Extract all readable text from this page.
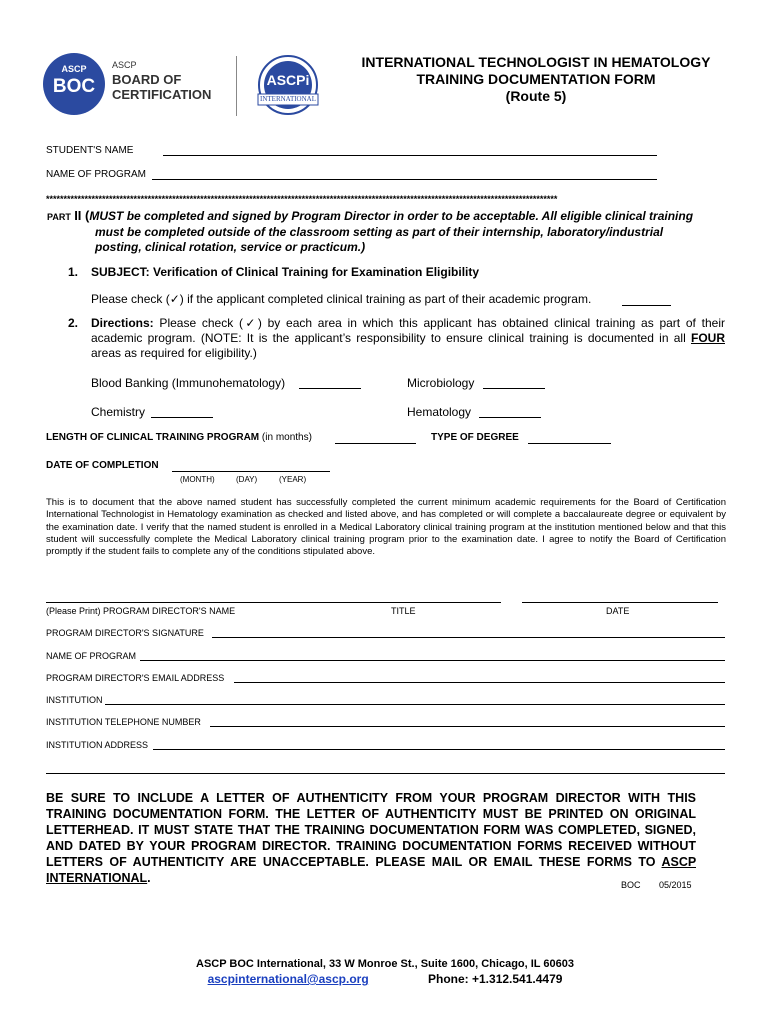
ASCP
BOC
ASCP
BOARD OF
CERTIFICATION
ASCPi
INTERNATIONAL
INTERNATIONAL TECHNOLOGIST IN HEMATOLOGY
TRAINING DOCUMENTATION FORM
(Route 5)
STUDENT'S NAME
NAME OF PROGRAM
**************************************************************************************************************************************************
PART II (MUST be completed and signed by Program Director in order to be acceptable. All eligible clinical training
must be completed outside of the classroom setting as part of their internship, laboratory/industrial
posting, clinical rotation, service or practicum.)
1. SUBJECT: Verification of Clinical Training for Examination Eligibility
Please check (✓) if the applicant completed clinical training as part of their academic program.
2. Directions: Please check (✓) by each area in which this applicant has obtained clinical training as part of their academic program. (NOTE: It is the applicant’s responsibility to ensure clinical training is documented in all FOUR areas as required for eligibility.)
Blood Banking (Immunohematology)	Microbiology
Chemistry	Hematology
LENGTH OF CLINICAL TRAINING PROGRAM (in months)	TYPE OF DEGREE
DATE OF COMPLETION
(MONTH)	(DAY)	(YEAR)
This is to document that the above named student has successfully completed the current minimum academic requirements for the Board of Certification International Technologist in Hematology examination as checked and listed above, and has completed or will complete a baccalaureate degree or equivalent by the examination date. I verify that the named student is enrolled in a Medical Laboratory clinical training program at the institution mentioned below and that this student will successfully complete the Medical Laboratory clinical training program prior to the examination date. I agree to notify the Board of Certification promptly if the student fails to complete any of the conditions stipulated above.
(Please Print) PROGRAM DIRECTOR'S NAME	TITLE	DATE
PROGRAM DIRECTOR'S SIGNATURE
NAME OF PROGRAM
PROGRAM DIRECTOR'S EMAIL ADDRESS
INSTITUTION
INSTITUTION TELEPHONE NUMBER
INSTITUTION ADDRESS
BE SURE TO INCLUDE A LETTER OF AUTHENTICITY FROM YOUR PROGRAM DIRECTOR WITH THIS TRAINING DOCUMENTATION FORM. THE LETTER OF AUTHENTICITY MUST BE PRINTED ON ORIGINAL LETTERHEAD. IT MUST STATE THAT THE TRAINING DOCUMENTATION FORM WAS COMPLETED, SIGNED, AND DATED BY YOUR PROGRAM DIRECTOR. TRAINING DOCUMENTATION FORMS RECEIVED WITHOUT LETTERS OF AUTHENTICITY ARE UNACCEPTABLE. PLEASE MAIL OR EMAIL THESE FORMS TO ASCP INTERNATIONAL.	BOC 05/2015
ASCP BOC International, 33 W Monroe St., Suite 1600, Chicago, IL 60603
ascpinternational@ascp.org	Phone: +1.312.541.4479
